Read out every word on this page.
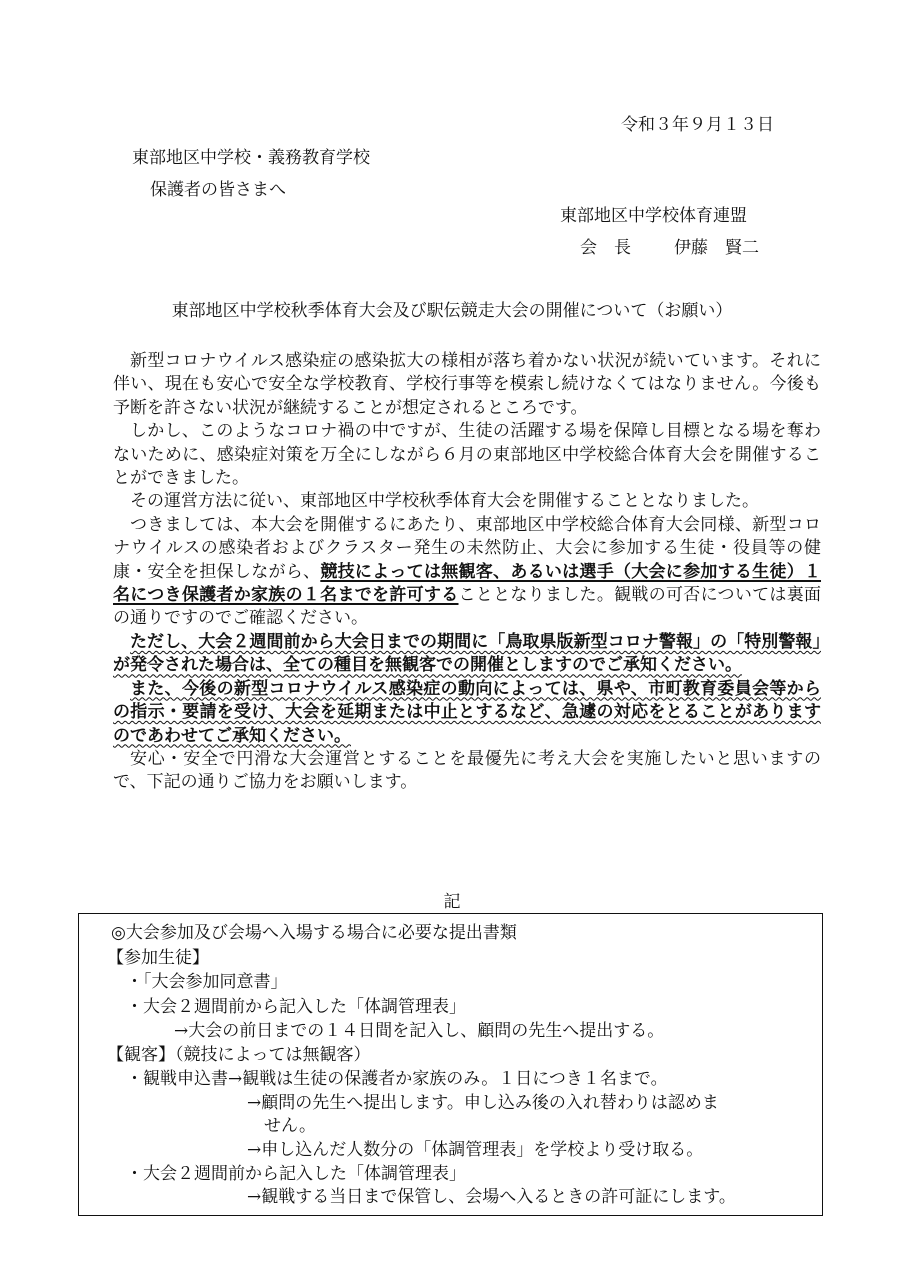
令和３年９月１３日
東部地区中学校・義務教育学校
保護者の皆さまへ
東部地区中学校体育連盟
会　長	伊藤　賢二
東部地区中学校秋季体育大会及び駅伝競走大会の開催について（お願い）

新型コロナウイルス感染症の感染拡大の様相が落ち着かない状況が続いています。それに伴い、現在も安心で安全な学校教育、学校行事等を模索し続けなくてはなりません。今後も予断を許さない状況が継続することが想定されるところです。

しかし、このようなコロナ禍の中ですが、生徒の活躍する場を保障し目標となる場を奪わないために、感染症対策を万全にしながら６月の東部地区中学校総合体育大会を開催することができました。

その運営方法に従い、東部地区中学校秋季体育大会を開催することとなりました。

つきましては、本大会を開催するにあたり、東部地区中学校総合体育大会同様、新型コロナウイルスの感染者およびクラスター発生の未然防止、大会に参加する生徒・役員等の健康・安全を担保しながら、競技によっては無観客、あるいは選手（大会に参加する生徒）１名につき保護者か家族の１名までを許可することとなりました。観戦の可否については裏面の通りですのでご確認ください。

ただし、大会２週間前から大会日までの期間に「鳥取県版新型コロナ警報」の「特別警報」が発令された場合は、全ての種目を無観客での開催としますのでご承知ください。

また、今後の新型コロナウイルス感染症の動向によっては、県や、市町教育委員会等からの指示・要請を受け、大会を延期または中止とするなど、急遽の対応をとることがありますのであわせてご承知ください。

安心・安全で円滑な大会運営とすることを最優先に考え大会を実施したいと思いますので、下記の通りご協力をお願いします。

記
◎大会参加及び会場へ入場する場合に必要な提出書類
【参加生徒】
・「大会参加同意書」
・大会２週間前から記入した「体調管理表」
→大会の前日までの１４日間を記入し、顧問の先生へ提出する。
【観客】（競技によっては無観客）
・観戦申込書→観戦は生徒の保護者か家族のみ。１日につき１名まで。
→顧問の先生へ提出します。申し込み後の入れ替わりは認めま
せん。
→申し込んだ人数分の「体調管理表」を学校より受け取る。
・大会２週間前から記入した「体調管理表」
→観戦する当日まで保管し、会場へ入るときの許可証にします。
